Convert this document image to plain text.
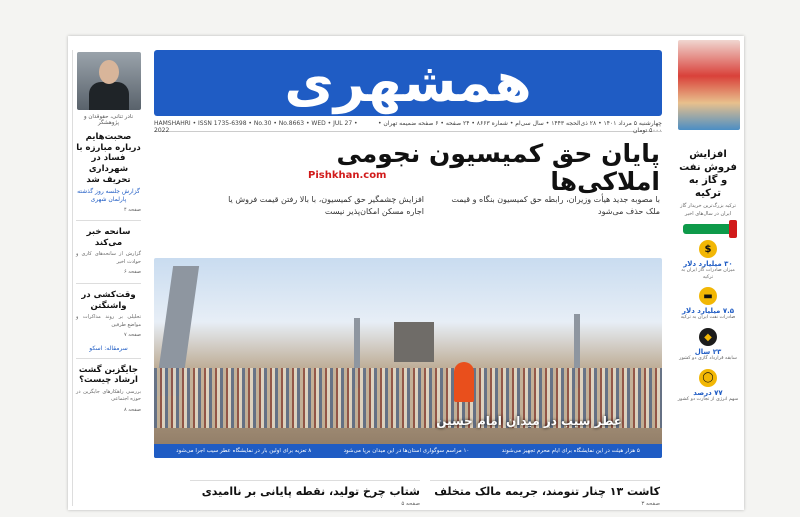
نادر تنانی، حقوقدان و پژوهشگر
صحبت‌هایم درباره مبارزه با فساد در شهرداری تحریف شد
گزارش جلسه روز گذشته پارلمان شهری
صفحه ۴
سانحه خبر می‌کند
گزارش از سانحه‌های کاری و حوادث اخیر
صفحه ۶
وقت‌کشی در واشنگتن
تحلیلی بر روند مذاکرات و مواضع طرفین
صفحه ۷
سرمقاله: اسکو
جایگزین گشت ارشاد چیست؟
بررسی راهکارهای جایگزین در حوزه اجتماعی
صفحه ۸
همشهری
HAMSHAHRI • ISSN 1735-6398 • No.30 • No.8663 • WED • JUL 27 • 2022
چهارشنبه ۵ مرداد ۱۴۰۱ • ۲۸ ذی‌الحجه ۱۴۴۳ • سال سی‌ام • شماره ۸۶۶۳ • ۲۴ صفحه • ۶ صفحه ضمیمه تهران • ۵۰۰۰ تومان
پایان حق کمیسیون نجومی املاکی‌ها
Pishkhan.com
با مصوبه جدید هیأت وزیران، رابطه حق کمیسیون بنگاه و قیمت ملک حذف می‌شود
افزایش چشمگیر حق کمیسیون، با بالا رفتن قیمت فروش یا اجاره مسکن امکان‌پذیر نیست
عطر سیب در میدان امام حسین
۵ هزار هیئت در این نمایشگاه برای ایام محرم تجهیز می‌شوند
۱۰ مراسم سوگواری استان‌ها در این میدان برپا می‌شود
۸ تعزیه برای اولین بار در نمایشگاه عطر سیب اجرا می‌شود
کاشت ۱۳ چنار تنومند، جریمه مالک متخلف
صفحه ۳
شتاب چرخ تولید، نقطه پایانی بر ناامیدی
صفحه ۵
افزایش فروش نفت و گاز به ترکیه
ترکیه بزرگ‌ترین خریدار گاز ایران در سال‌های اخیر
$
۳۰ میلیارد دلار
میزان صادرات گاز ایران به ترکیه
▬
۷.۵ میلیارد دلار
صادرات نفت ایران به ترکیه
◆
۲۳ سال
سابقه قرارداد گازی دو کشور
◯
۷۷ درصد
سهم انرژی از تجارت دو کشور
